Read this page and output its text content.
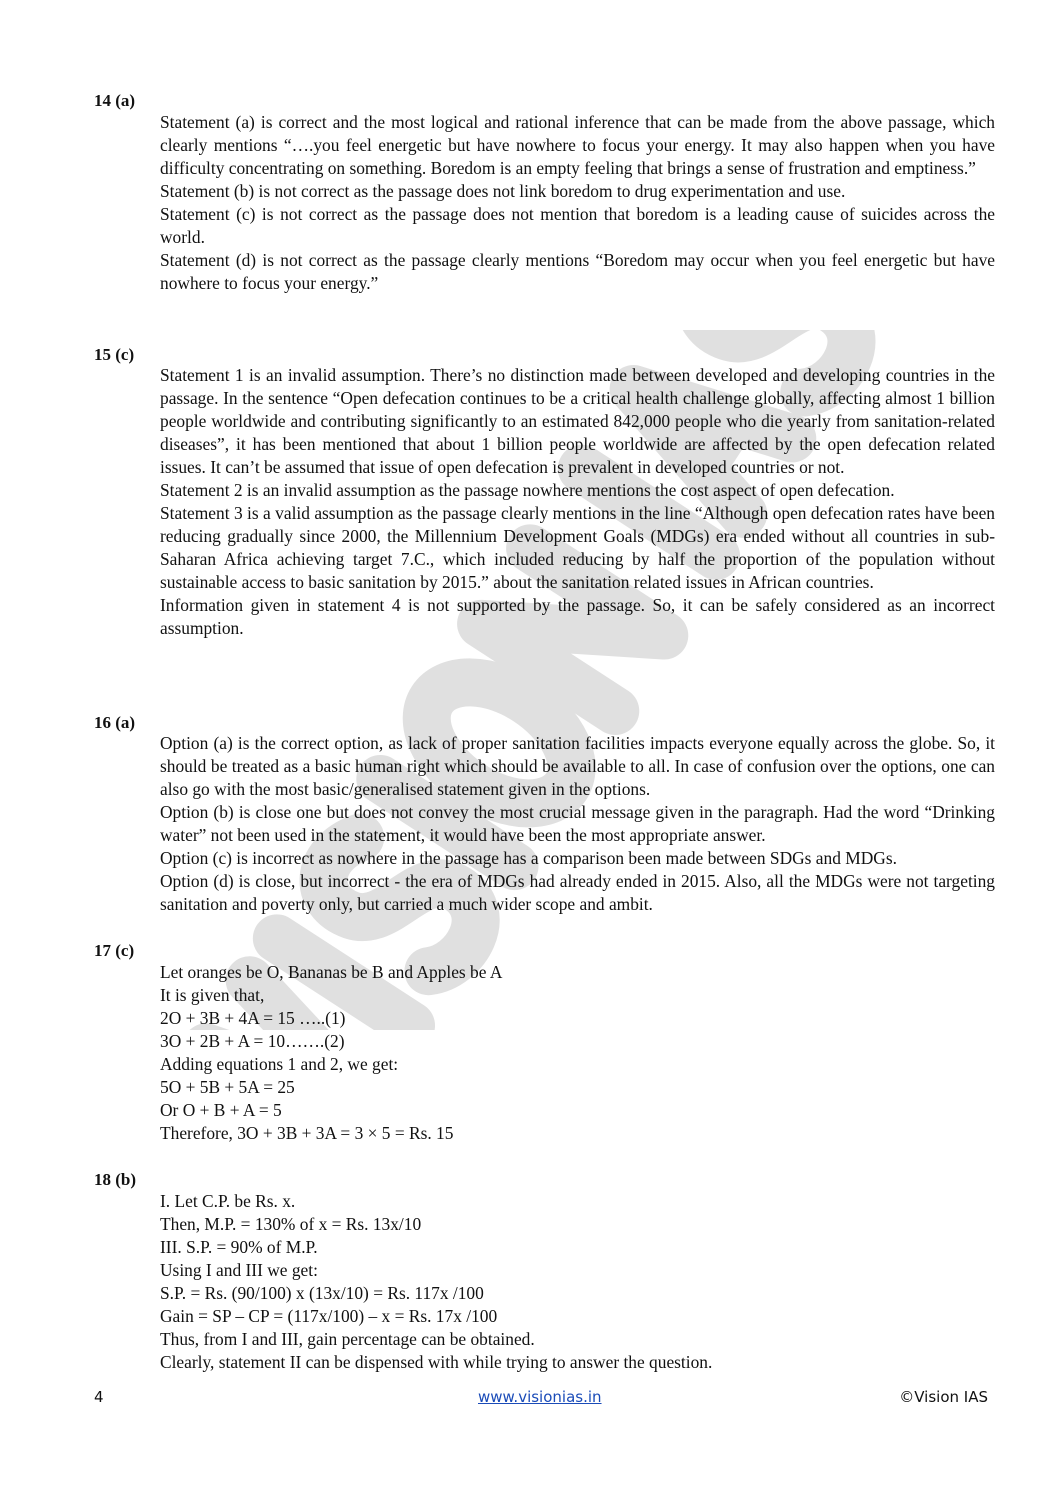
14 (a)

Statement (a) is correct and the most logical and rational inference that can be made from the above passage, which clearly mentions “….you feel energetic but have nowhere to focus your energy. It may also happen when you have difficulty concentrating on something. Boredom is an empty feeling that brings a sense of frustration and emptiness.”

Statement (b) is not correct as the passage does not link boredom to drug experimentation and use.

Statement (c) is not correct as the passage does not mention that boredom is a leading cause of suicides across the world.

Statement (d) is not correct as the passage clearly mentions “Boredom may occur when you feel energetic but have nowhere to focus your energy.”

15 (c)

Statement 1 is an invalid assumption. There’s no distinction made between developed and developing countries in the passage. In the sentence “Open defecation continues to be a critical health challenge globally, affecting almost 1 billion people worldwide and contributing significantly to an estimated 842,000 people who die yearly from sanitation-related diseases”, it has been mentioned that about 1 billion people worldwide are affected by the open defecation related issues. It can’t be assumed that issue of open defecation is prevalent in developed countries or not.

Statement 2 is an invalid assumption as the passage nowhere mentions the cost aspect of open defecation.

Statement 3 is a valid assumption as the passage clearly mentions in the line “Although open defecation rates have been reducing gradually since 2000, the Millennium Development Goals (MDGs) era ended without all countries in sub-Saharan Africa achieving target 7.C., which included reducing by half the proportion of the population without sustainable access to basic sanitation by 2015.” about the sanitation related issues in African countries.

Information given in statement 4 is not supported by the passage. So, it can be safely considered as an incorrect assumption.

16 (a)

Option (a) is the correct option, as lack of proper sanitation facilities impacts everyone equally across the globe. So, it should be treated as a basic human right which should be available to all. In case of confusion over the options, one can also go with the most basic/generalised statement given in the options.

Option (b) is close one but does not convey the most crucial message given in the paragraph. Had the word “Drinking water” not been used in the statement, it would have been the most appropriate answer.

Option (c) is incorrect as nowhere in the passage has a comparison been made between SDGs and MDGs.

Option (d) is close, but incorrect - the era of MDGs had already ended in 2015. Also, all the MDGs were not targeting sanitation and poverty only, but carried a much wider scope and ambit.

17 (c)

Let oranges be O, Bananas be B and Apples be A

It is given that,

2O + 3B + 4A = 15 …..(1)

3O + 2B + A = 10…….(2)

Adding equations 1 and 2, we get:

5O + 5B + 5A = 25

Or O + B + A = 5

Therefore, 3O + 3B + 3A = 3 × 5 = Rs. 15

18 (b)

I. Let C.P. be Rs. x.

Then, M.P. = 130% of x = Rs. 13x/10

III. S.P. = 90% of M.P.

Using I and III we get:

S.P. = Rs. (90/100) x (13x/10) = Rs. 117x /100

Gain = SP – CP = (117x/100) – x = Rs. 17x /100

Thus, from I and III, gain percentage can be obtained.

Clearly, statement II can be dispensed with while trying to answer the question.

4	www.visionias.in	©Vision IAS
